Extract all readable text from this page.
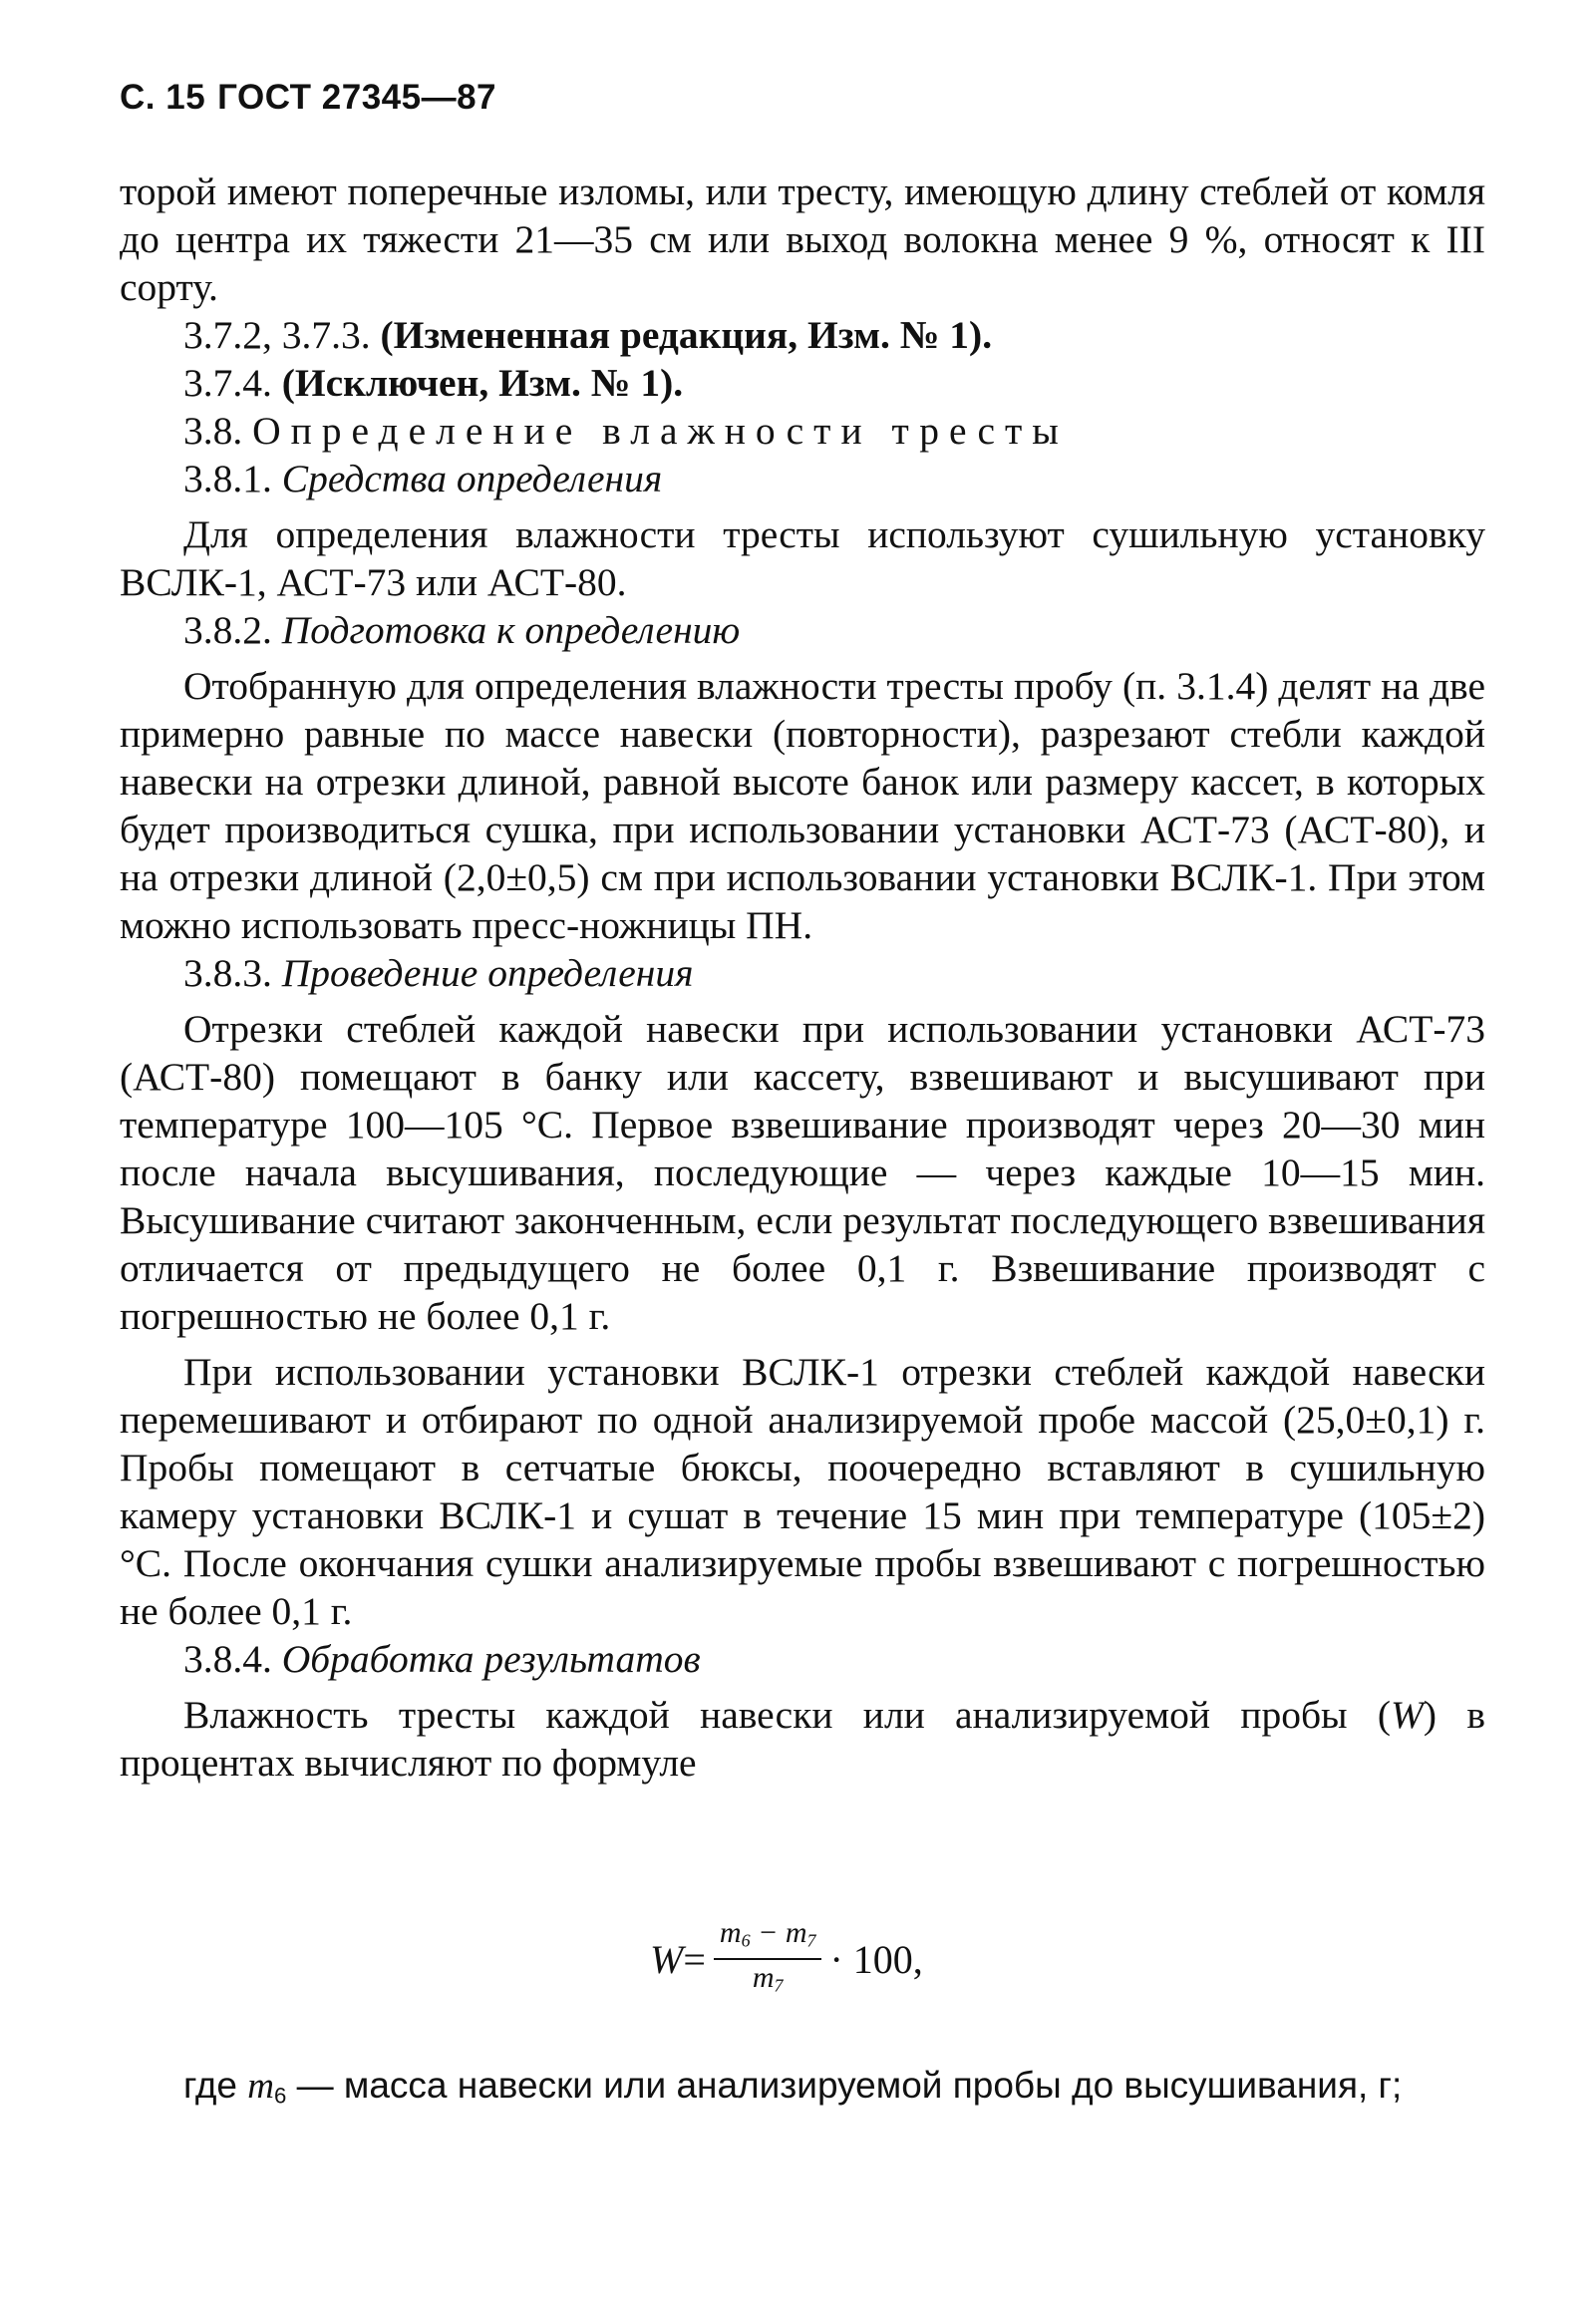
С. 15 ГОСТ 27345—87

торой имеют поперечные изломы, или тресту, имеющую длину стеблей от комля до центра их тяжести 21—35 см или выход волокна менее 9 %, относят к III сорту.

3.7.2, 3.7.3. (Измененная редакция, Изм. № 1).

3.7.4. (Исключен, Изм. № 1).

3.8. Определение влажности тресты

3.8.1. Средства определения

Для определения влажности тресты используют сушильную установку ВСЛК-1, АСТ-73 или АСТ-80.

3.8.2. Подготовка к определению

Отобранную для определения влажности тресты пробу (п. 3.1.4) делят на две примерно равные по массе навески (повторности), разрезают стебли каждой навески на отрезки длиной, равной высоте банок или размеру кассет, в которых будет производиться сушка, при использовании установки АСТ-73 (АСТ-80), и на отрезки длиной (2,0±0,5) см при использовании установки ВСЛК-1. При этом можно использовать пресс-ножницы ПН.

3.8.3. Проведение определения

Отрезки стеблей каждой навески при использовании установки АСТ-73 (АСТ-80) помещают в банку или кассету, взвешивают и высушивают при температуре 100—105 °С. Первое взвешивание производят через 20—30 мин после начала высушивания, последующие — через каждые 10—15 мин. Высушивание считают законченным, если результат последующего взвешивания отличается от предыдущего не более 0,1 г. Взвешивание производят с погрешностью не более 0,1 г.

При использовании установки ВСЛК-1 отрезки стеблей каждой навески перемешивают и отбирают по одной анализируемой пробе массой (25,0±0,1) г. Пробы помещают в сетчатые бюксы, поочередно вставляют в сушильную камеру установки ВСЛК-1 и сушат в течение 15 мин при температуре (105±2) °С. После окончания сушки анализируемые пробы взвешивают с погрешностью не более 0,1 г.

3.8.4. Обработка результатов

Влажность тресты каждой навески или анализируемой пробы (W) в процентах вычисляют по формуле

$W = \frac{m_6 - m_7}{m_7} \cdot 100$,
где $m_6$ — масса навески или анализируемой пробы до высушивания, г;
